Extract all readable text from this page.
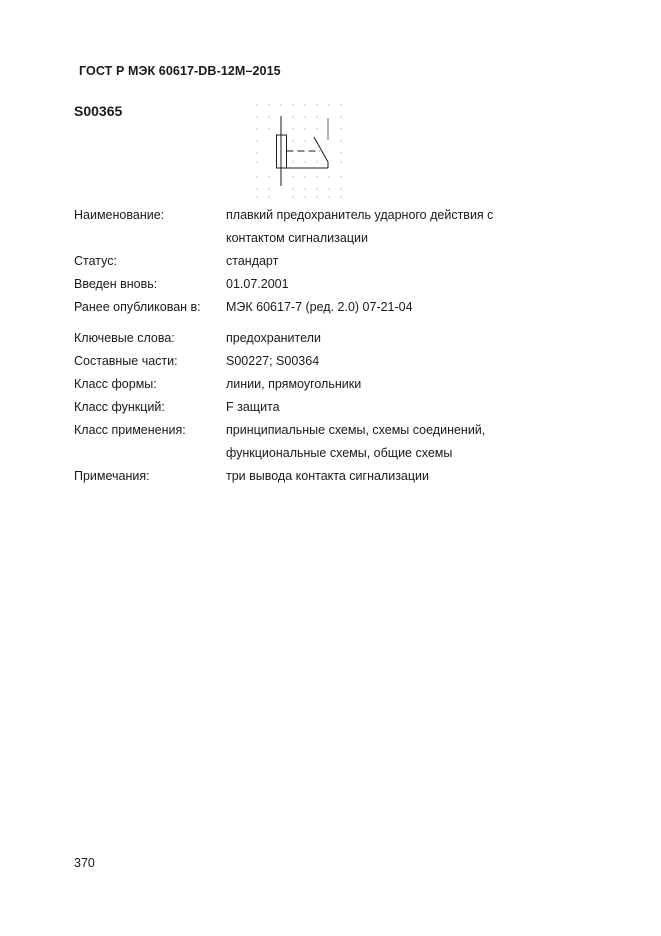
ГОСТ Р МЭК 60617-DB-12M–2015
S00365
Наименование:	плавкий предохранитель ударного действия с
контактом сигнализации
Статус:	стандарт
Введен вновь:	01.07.2001
Ранее опубликован в:	МЭК 60617-7 (ред. 2.0) 07-21-04
Ключевые слова:	предохранители
Составные части:	S00227; S00364
Класс формы:	линии, прямоугольники
Класс функций:	F защита
Класс применения:	принципиальные схемы, схемы соединений,
функциональные схемы, общие схемы
Примечания:	три вывода контакта сигнализации
370
